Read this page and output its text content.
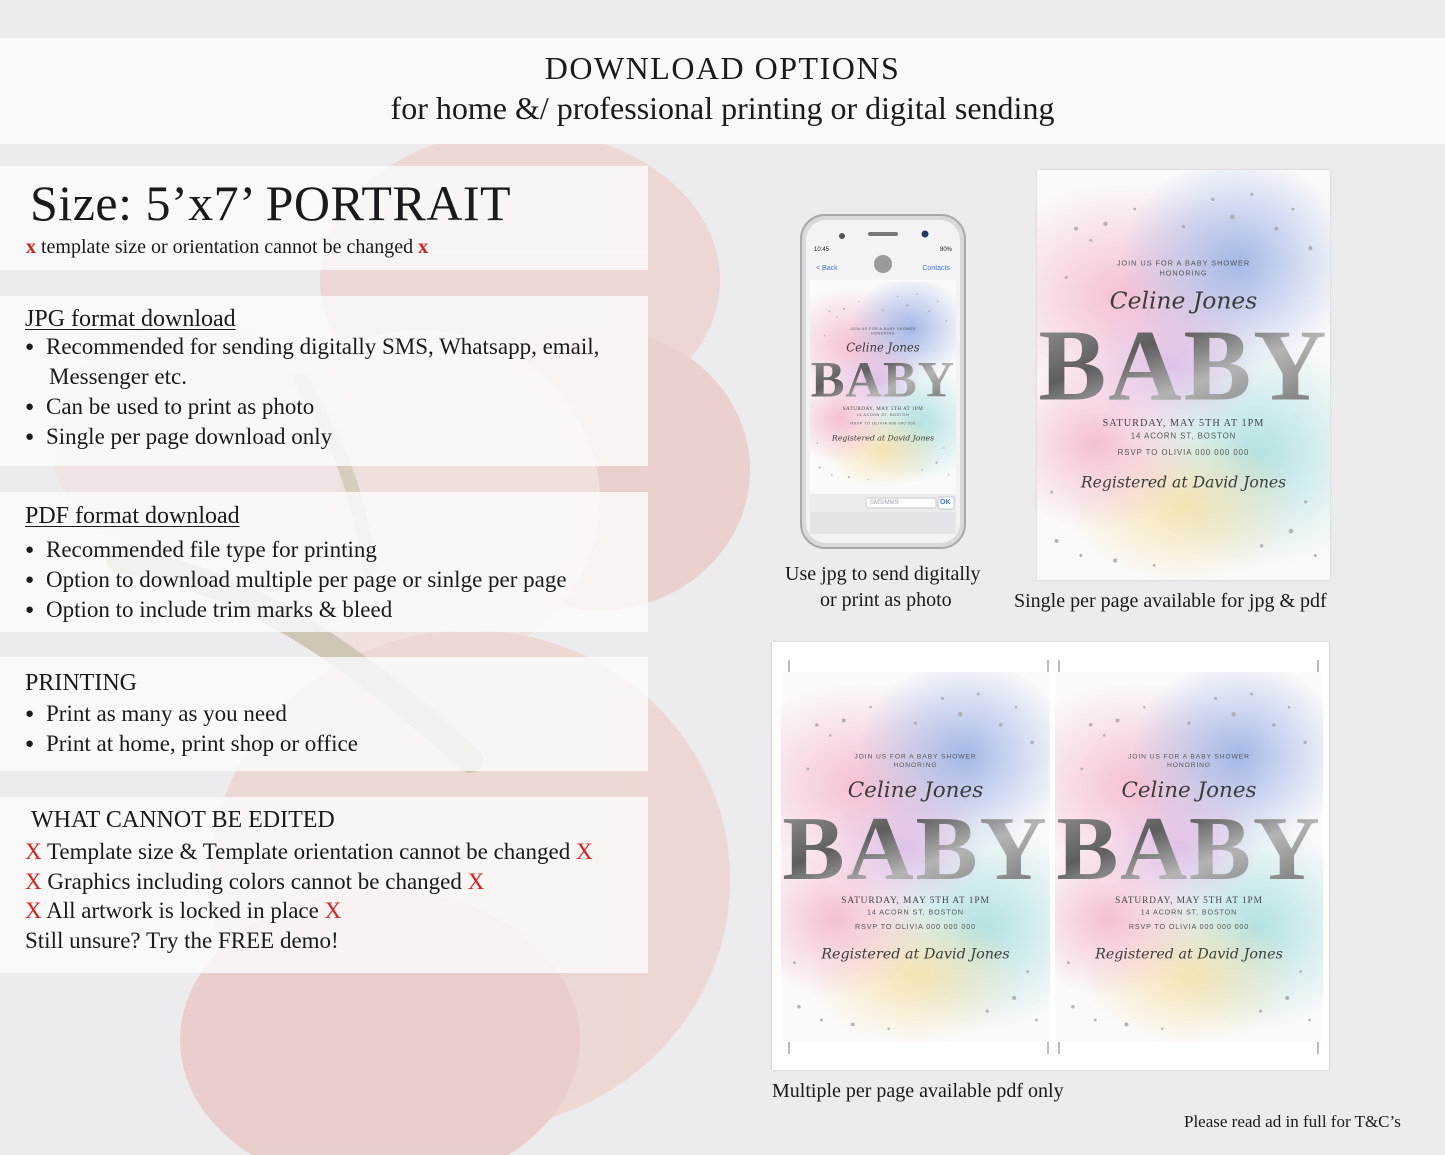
DOWNLOAD OPTIONS
for home &/ professional printing or digital sending
Size: 5’x7’ PORTRAIT
x template size or orientation cannot be changed x
JPG format download
● Recommended for sending digitally SMS, Whatsapp, email,
Messenger etc.
● Can be used to print as photo
● Single per page download only
PDF format download
● Recommended file type for printing
● Option to download multiple per page or sinlge per page
● Option to include trim marks & bleed
PRINTING
● Print as many as you need
● Print at home, print shop or office
WHAT CANNOT BE EDITED
X Template size & Template orientation cannot be changed X
X Graphics including colors cannot be changed X
X All artwork is locked in place X
Still unsure? Try the FREE demo!
10:45	80%
< Back	Contacts
SMS/MMS	OK
Use jpg to send digitally
or print as photo	Single per page available for jpg & pdf
Multiple per page available pdf only
Please read ad in full for T&C’s
